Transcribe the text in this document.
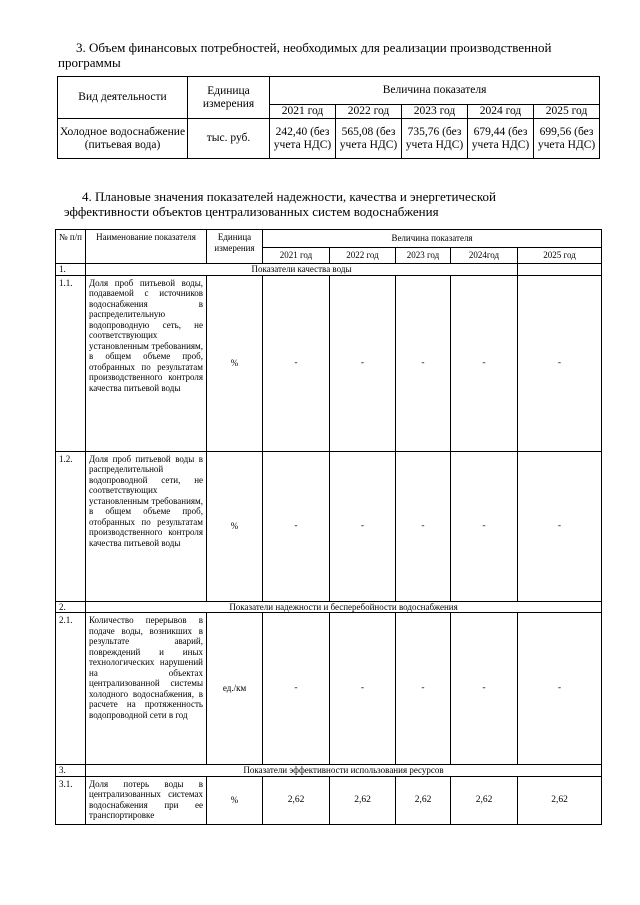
3. Объем финансовых потребностей, необходимых для реализации производственной программы

Вид деятельности	Единица измерения	Величина показателя				
		2021 год	2022 год	2023 год	2024 год	2025 год
Холодное водоснабжение (питьевая вода)	тыс. руб.	242,40 (без учета НДС)	565,08 (без учета НДС)	735,76 (без учета НДС)	679,44 (без учета НДС)	699,56 (без учета НДС)

4. Плановые значения показателей надежности, качества и энергетической эффективности объектов централизованных систем водоснабжения

№ п/п	Наименование показателя	Единица измерения	Величина показателя				
			2021 год	2022 год	2023 год	2024год	2025 год
1.	Показатели качества воды						
1.1.	Доля проб питьевой воды, подаваемой с источников водоснабжения в распределительную водопроводную сеть, не соответствующих установленным требованиям, в общем объеме проб, отобранных по результатам производственного контроля качества питьевой воды	%	-	-	-	-	-
1.2.	Доля проб питьевой воды в распределительной водопроводной сети, не соответствующих установленным требованиям, в общем объеме проб, отобранных по результатам производственного контроля качества питьевой воды	%	-	-	-	-	-
2.	Показатели надежности и бесперебойности водоснабжения						
2.1.	Количество перерывов в подаче воды, возникших в результате аварий, повреждений и иных технологических нарушений на объектах централизованной системы холодного водоснабжения, в расчете на протяженность водопроводной сети в год	ед./км	-	-	-	-	-
3.	Показатели эффективности использования ресурсов						
3.1.	Доля потерь воды в централизованных системах водоснабжения при ее транспортировке	%	2,62	2,62	2,62	2,62	2,62
